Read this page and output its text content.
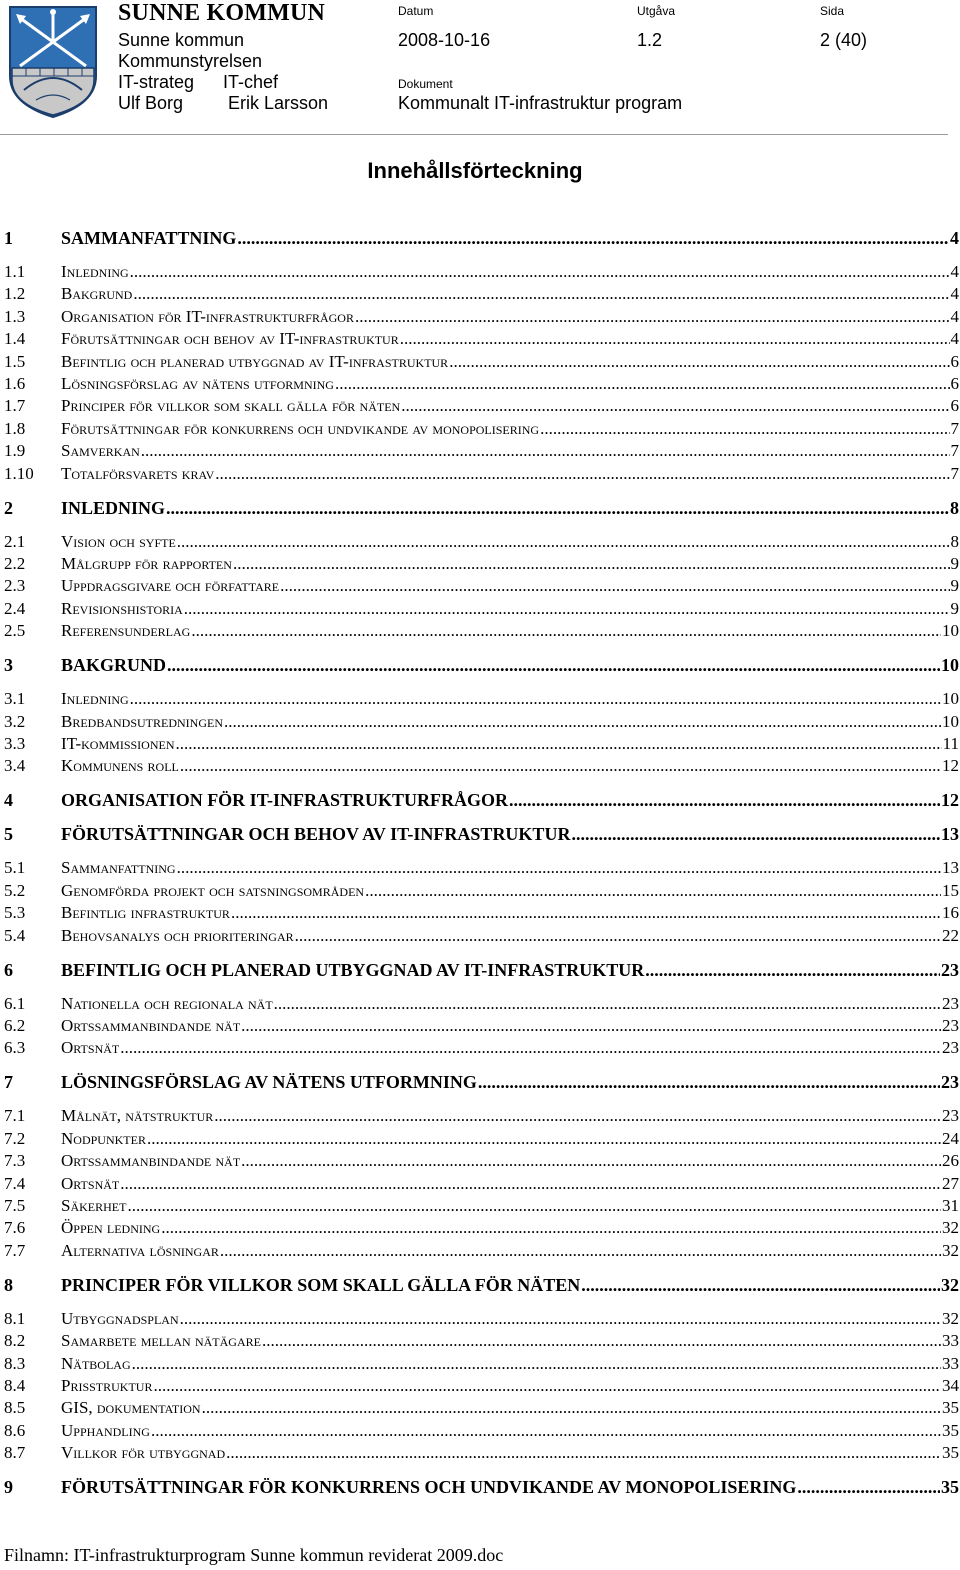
SUNNE KOMMUN
Sunne kommun
Kommunstyrelsen
IT-strateg IT-chef
Ulf Borg Erik Larsson
Datum
2008-10-16
Utgåva
1.2
Sida
2 (40)
Dokument
Kommunalt IT-infrastruktur program
Innehållsförteckning
1	SAMMANFATTNING .....	4
1.1	Inledning .....	4
1.2	Bakgrund .....	4
1.3	Organisation för IT-infrastrukturfrågor .....	4
1.4	Förutsättningar och behov av IT-infrastruktur .....	4
1.5	Befintlig och planerad utbyggnad av IT-infrastruktur .....	6
1.6	Lösningsförslag av nätens utformning .....	6
1.7	Principer för villkor som skall gälla för näten .....	6
1.8	Förutsättningar för konkurrens och undvikande av monopolisering .....	7
1.9	Samverkan .....	7
1.10	Totalförsvarets krav .....	7
2	INLEDNING .....	8
2.1	Vision och syfte .....	8
2.2	Målgrupp för rapporten .....	9
2.3	Uppdragsgivare och författare .....	9
2.4	Revisionshistoria .....	9
2.5	Referensunderlag .....	10
3	BAKGRUND .....	10
3.1	Inledning .....	10
3.2	Bredbandsutredningen .....	10
3.3	IT-kommissionen .....	11
3.4	Kommunens roll .....	12
4	ORGANISATION FÖR IT-INFRASTRUKTURFRÅGOR .....	12
5	FÖRUTSÄTTNINGAR OCH BEHOV AV IT-INFRASTRUKTUR .....	13
5.1	Sammanfattning .....	13
5.2	Genomförda projekt och satsningsområden .....	15
5.3	Befintlig infrastruktur .....	16
5.4	Behovsanalys och prioriteringar .....	22
6	BEFINTLIG OCH PLANERAD UTBYGGNAD AV IT-INFRASTRUKTUR .....	23
6.1	Nationella och regionala nät .....	23
6.2	Ortssammanbindande nät .....	23
6.3	Ortsnät .....	23
7	LÖSNINGSFÖRSLAG AV NÄTENS UTFORMNING .....	23
7.1	Målnät, nätstruktur .....	23
7.2	Nodpunkter .....	24
7.3	Ortssammanbindande nät .....	26
7.4	Ortsnät .....	27
7.5	Säkerhet .....	31
7.6	Öppen ledning .....	32
7.7	Alternativa lösningar .....	32
8	PRINCIPER FÖR VILLKOR SOM SKALL GÄLLA FÖR NÄTEN .....	32
8.1	Utbyggnadsplan .....	32
8.2	Samarbete mellan nätägare .....	33
8.3	Nätbolag .....	33
8.4	Prisstruktur .....	34
8.5	GIS, dokumentation .....	35
8.6	Upphandling .....	35
8.7	Villkor för utbyggnad .....	35
9	FÖRUTSÄTTNINGAR FÖR KONKURRENS OCH UNDVIKANDE AV MONOPOLISERING .....	35
Filnamn: IT-infrastrukturprogram Sunne kommun reviderat 2009.doc
